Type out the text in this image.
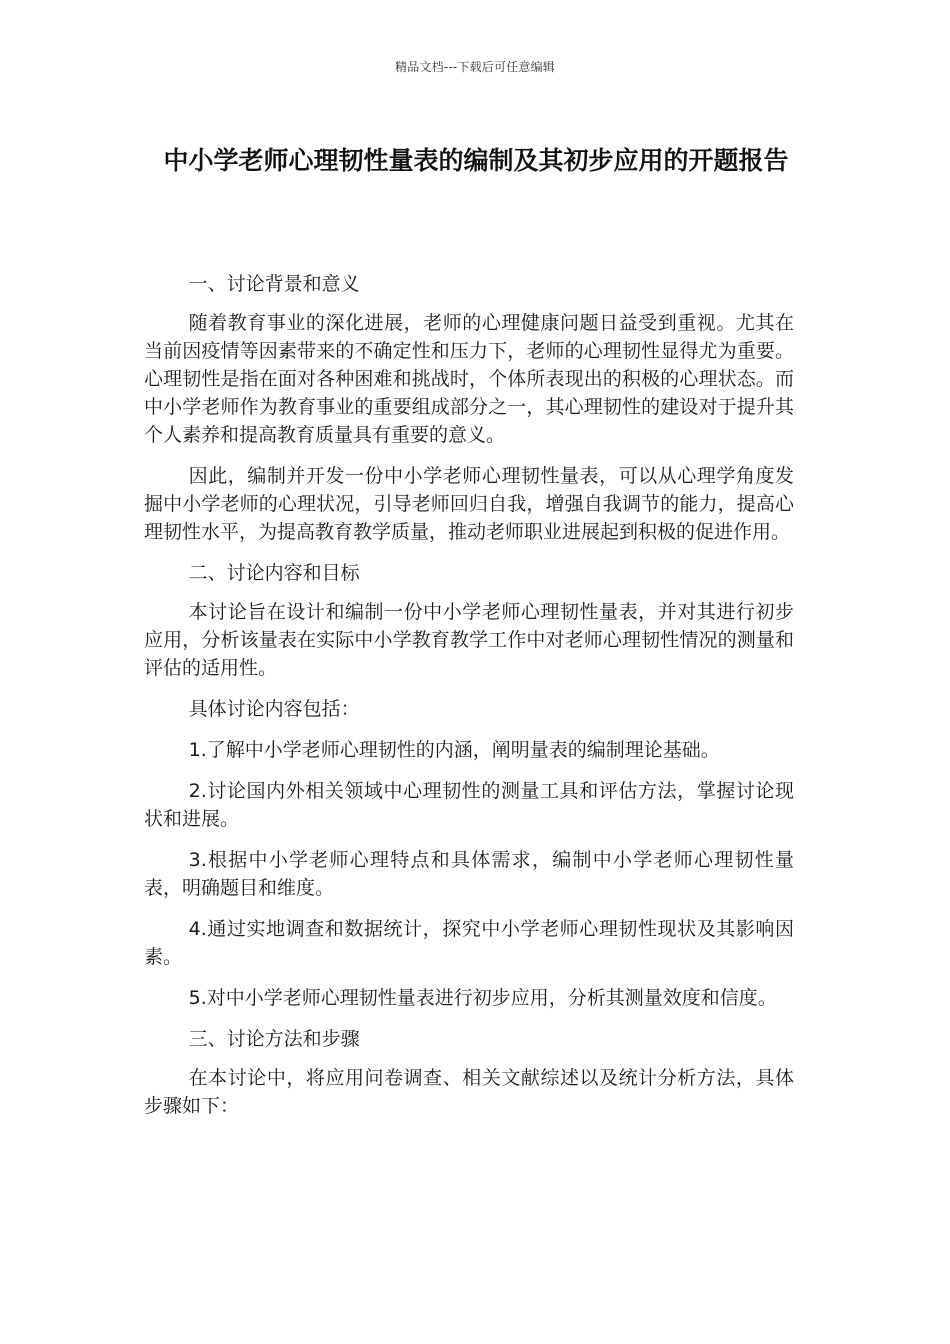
精品文档---下载后可任意编辑
中小学老师心理韧性量表的编制及其初步应用的开题报告

一、讨论背景和意义

随着教育事业的深化进展，老师的心理健康问题日益受到重视。尤其在当前因疫情等因素带来的不确定性和压力下，老师的心理韧性显得尤为重要。心理韧性是指在面对各种困难和挑战时，个体所表现出的积极的心理状态。而中小学老师作为教育事业的重要组成部分之一，其心理韧性的建设对于提升其个人素养和提高教育质量具有重要的意义。

因此，编制并开发一份中小学老师心理韧性量表，可以从心理学角度发掘中小学老师的心理状况，引导老师回归自我，增强自我调节的能力，提高心理韧性水平，为提高教育教学质量，推动老师职业进展起到积极的促进作用。

二、讨论内容和目标

本讨论旨在设计和编制一份中小学老师心理韧性量表，并对其进行初步应用，分析该量表在实际中小学教育教学工作中对老师心理韧性情况的测量和评估的适用性。

具体讨论内容包括：

1.了解中小学老师心理韧性的内涵，阐明量表的编制理论基础。

2.讨论国内外相关领域中心理韧性的测量工具和评估方法，掌握讨论现状和进展。

3.根据中小学老师心理特点和具体需求，编制中小学老师心理韧性量表，明确题目和维度。

4.通过实地调查和数据统计，探究中小学老师心理韧性现状及其影响因素。

5.对中小学老师心理韧性量表进行初步应用，分析其测量效度和信度。

三、讨论方法和步骤

在本讨论中，将应用问卷调查、相关文献综述以及统计分析方法，具体步骤如下：
